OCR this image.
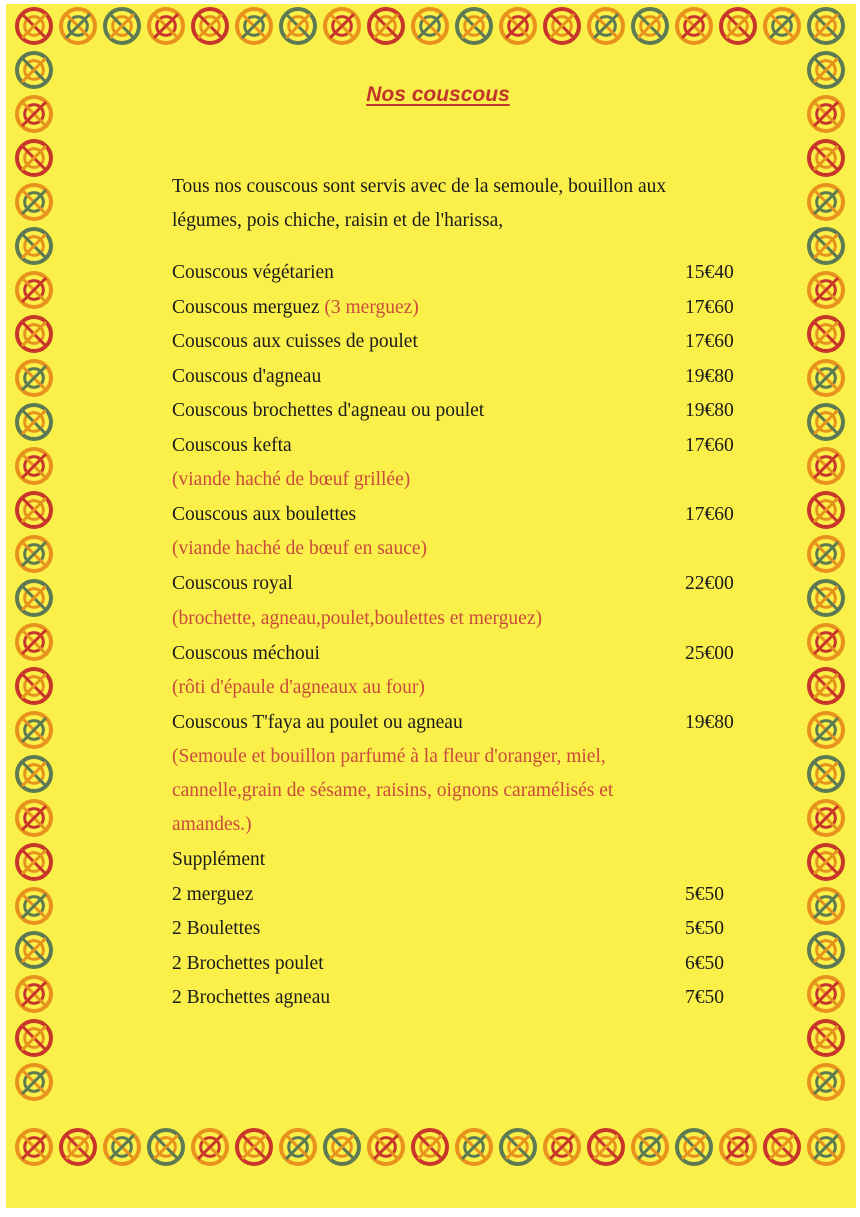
Nos couscous
Tous nos couscous sont servis avec de la semoule, bouillon aux légumes, pois chiche, raisin et de l'harissa,
Couscous végétarien	15€40
Couscous merguez (3 merguez)	17€60
Couscous aux cuisses de poulet	17€60
Couscous d'agneau	19€80
Couscous brochettes d'agneau ou poulet	19€80
Couscous kefta	17€60
(viande haché de bœuf grillée)
Couscous aux boulettes	17€60
(viande haché de bœuf en sauce)
Couscous royal	22€00
(brochette, agneau,poulet,boulettes et merguez)
Couscous méchoui	25€00
(rôti d'épaule d'agneaux au four)
Couscous T'faya au poulet ou agneau	19€80
(Semoule et bouillon parfumé à la fleur d'oranger, miel, cannelle,grain de sésame, raisins, oignons caramélisés et amandes.)
Supplément
2 merguez	5€50
2 Boulettes	5€50
2 Brochettes poulet	6€50
2 Brochettes agneau	7€50
